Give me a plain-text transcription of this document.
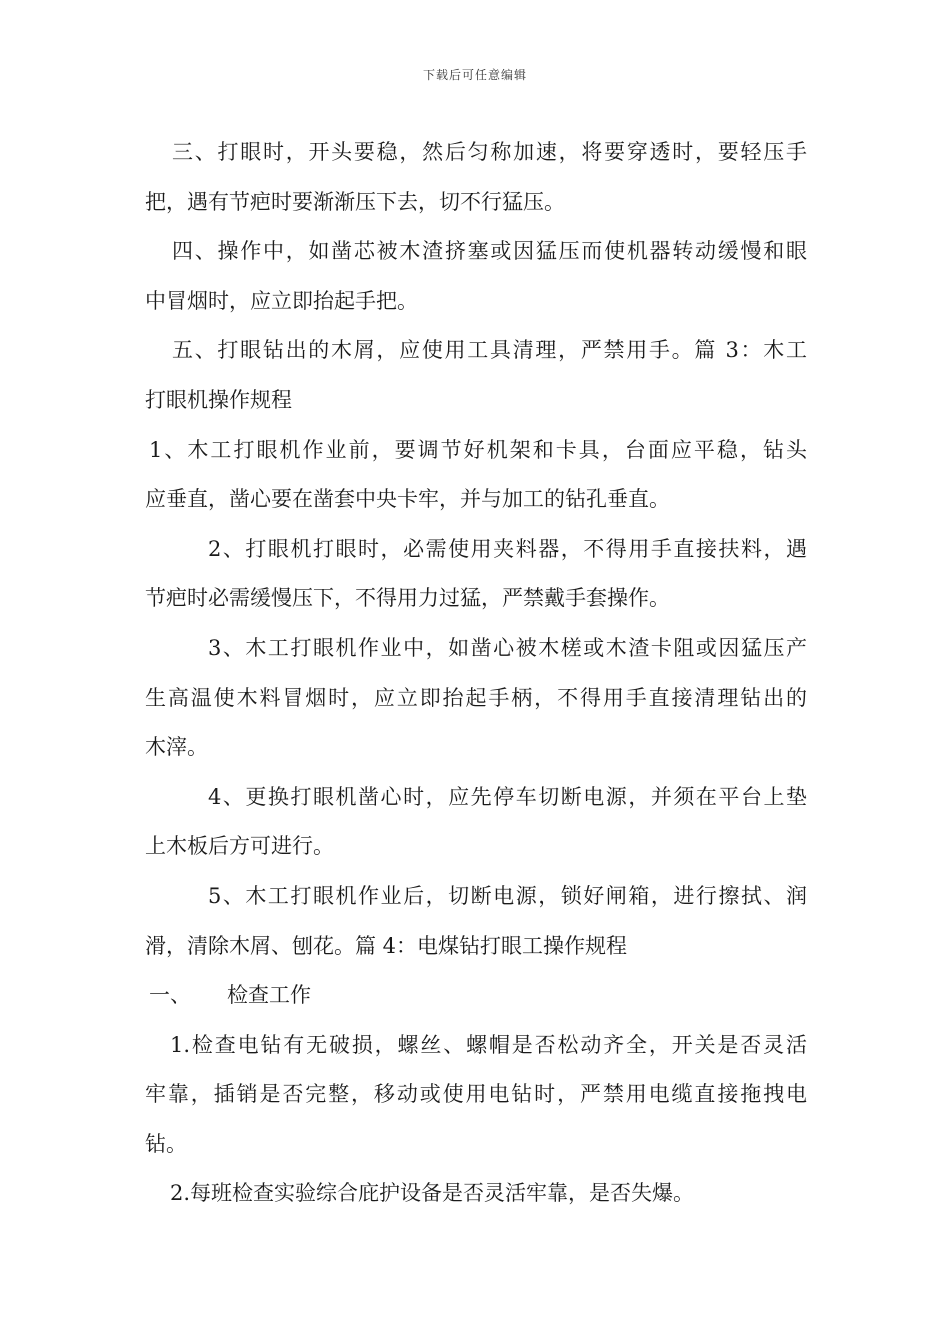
下载后可任意编辑
三、打眼时，开头要稳，然后匀称加速，将要穿透时，要轻压手
把，遇有节疤时要渐渐压下去，切不行猛压。
四、操作中，如凿芯被木渣挤塞或因猛压而使机器转动缓慢和眼
中冒烟时，应立即抬起手把。
五、打眼钻出的木屑，应使用工具清理，严禁用手。篇 3：木工
打眼机操作规程
1、木工打眼机作业前，要调节好机架和卡具，台面应平稳，钻头
应垂直，凿心要在凿套中央卡牢，并与加工的钻孔垂直。
2、打眼机打眼时，必需使用夹料器，不得用手直接扶料，遇
节疤时必需缓慢压下，不得用力过猛，严禁戴手套操作。
3、木工打眼机作业中，如凿心被木槎或木渣卡阻或因猛压产
生高温使木料冒烟时，应立即抬起手柄，不得用手直接清理钻出的
木滓。
4、更换打眼机凿心时，应先停车切断电源，并须在平台上垫
上木板后方可进行。
5、木工打眼机作业后，切断电源，锁好闸箱，进行擦拭、润
滑，清除木屑、刨花。篇 4：电煤钻打眼工操作规程
一、 检查工作
1.检查电钻有无破损，螺丝、螺帽是否松动齐全，开关是否灵活
牢靠，插销是否完整，移动或使用电钻时，严禁用电缆直接拖拽电
钻。
2.每班检查实验综合庇护设备是否灵活牢靠，是否失爆。
